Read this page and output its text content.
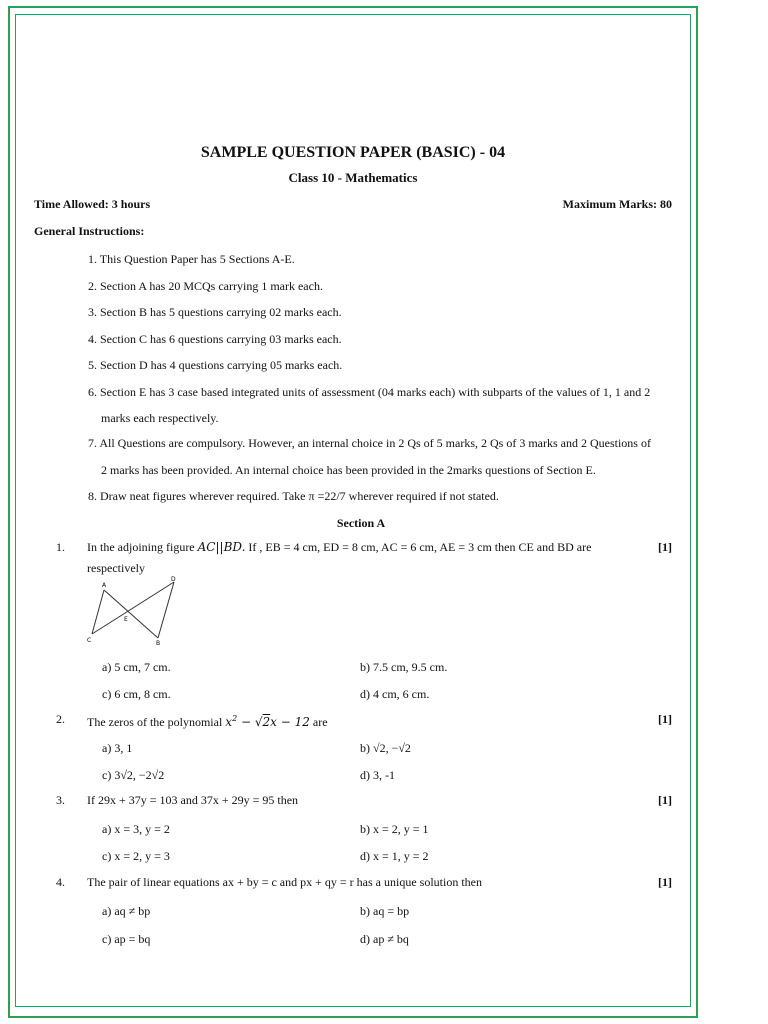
SAMPLE QUESTION PAPER (BASIC) - 04
Class 10 - Mathematics
Time Allowed: 3 hours	Maximum Marks: 80
General Instructions:
1. This Question Paper has 5 Sections A-E.
2. Section A has 20 MCQs carrying 1 mark each.
3. Section B has 5 questions carrying 02 marks each.
4. Section C has 6 questions carrying 03 marks each.
5. Section D has 4 questions carrying 05 marks each.
6. Section E has 3 case based integrated units of assessment (04 marks each) with subparts of the values of 1, 1 and 2
marks each respectively.
7. All Questions are compulsory. However, an internal choice in 2 Qs of 5 marks, 2 Qs of 3 marks and 2 Questions of
2 marks has been provided. An internal choice has been provided in the 2marks questions of Section E.
8. Draw neat figures wherever required. Take π =22/7 wherever required if not stated.
Section A
1. In the adjoining figure AC||BD. If , EB = 4 cm, ED = 8 cm, AC = 6 cm, AE = 3 cm then CE and BD are	[1]
respectively
A
C
E
D
B
a) 5 cm, 7 cm.	b) 7.5 cm, 9.5 cm.
c) 6 cm, 8 cm.	d) 4 cm, 6 cm.
2. The zeros of the polynomial $x^2 - √2x - 12$ are	[1]
a) 3, 1	b) √2, −√2
c) 3√2, −2√2	d) 3, -1
3. If 29x + 37y = 103 and 37x + 29y = 95 then	[1]
a) x = 3, y = 2	b) x = 2, y = 1
c) x = 2, y = 3	d) x = 1, y = 2
4. The pair of linear equations ax + by = c and px + qy = r has a unique solution then	[1]
a) aq ≠ bp	b) aq = bp
c) ap = bq	d) ap ≠ bq
